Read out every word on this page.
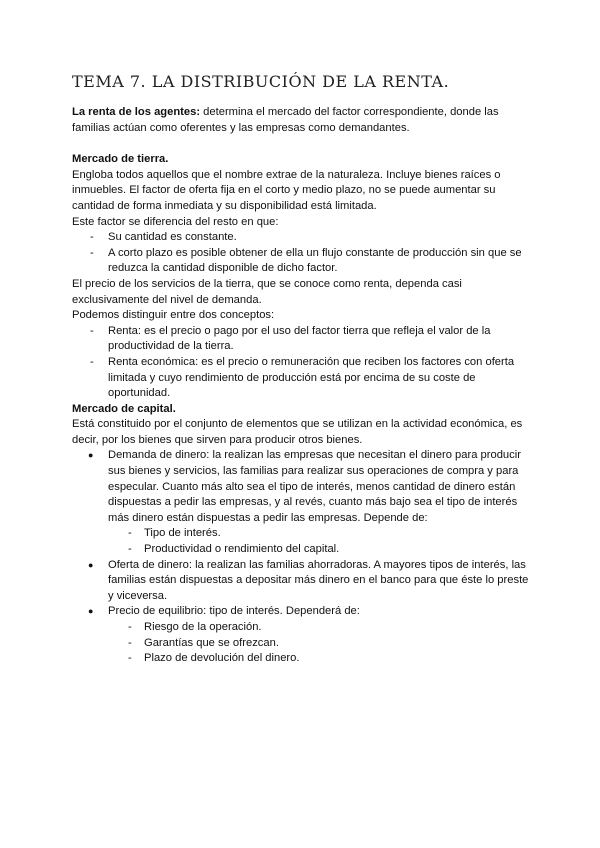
TEMA 7. LA DISTRIBUCIÓN DE LA RENTA.

La renta de los agentes: determina el mercado del factor correspondiente, donde las familias actúan como oferentes y las empresas como demandantes.

Mercado de tierra.

Engloba todos aquellos que el nombre extrae de la naturaleza. Incluye bienes raíces o inmuebles. El factor de oferta fija en el corto y medio plazo, no se puede aumentar su cantidad de forma inmediata y su disponibilidad está limitada.

Este factor se diferencia del resto en que:

- Su cantidad es constante.
- A corto plazo es posible obtener de ella un flujo constante de producción sin que se reduzca la cantidad disponible de dicho factor.

El precio de los servicios de la tierra, que se conoce como renta, dependa casi exclusivamente del nivel de demanda.

Podemos distinguir entre dos conceptos:

- Renta: es el precio o pago por el uso del factor tierra que refleja el valor de la productividad de la tierra.
- Renta económica: es el precio o remuneración que reciben los factores con oferta limitada y cuyo rendimiento de producción está por encima de su coste de oportunidad.

Mercado de capital.

Está constituido por el conjunto de elementos que se utilizan en la actividad económica, es decir, por los bienes que sirven para producir otros bienes.

● Demanda de dinero: la realizan las empresas que necesitan el dinero para producir sus bienes y servicios, las familias para realizar sus operaciones de compra y para especular. Cuanto más alto sea el tipo de interés, menos cantidad de dinero están dispuestas a pedir las empresas, y al revés, cuanto más bajo sea el tipo de interés más dinero están dispuestas a pedir las empresas. Depende de:
- Tipo de interés.
- Productividad o rendimiento del capital.
● Oferta de dinero: la realizan las familias ahorradoras. A mayores tipos de interés, las familias están dispuestas a depositar más dinero en el banco para que éste lo preste y viceversa.
● Precio de equilibrio: tipo de interés. Dependerá de:
- Riesgo de la operación.
- Garantías que se ofrezcan.
- Plazo de devolución del dinero.
